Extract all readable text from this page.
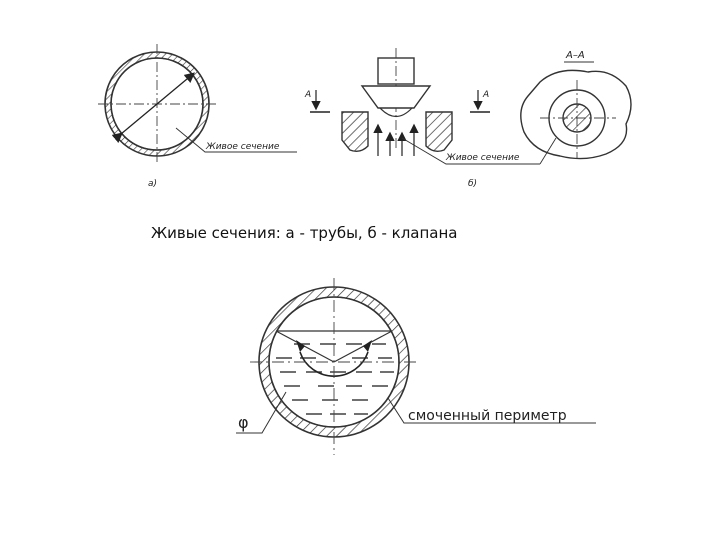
Живое сечение
а)
А	А
Живое сечение
б)
А–А
φ	смоченный периметр
Живые сечения: а - трубы, б - клапана
